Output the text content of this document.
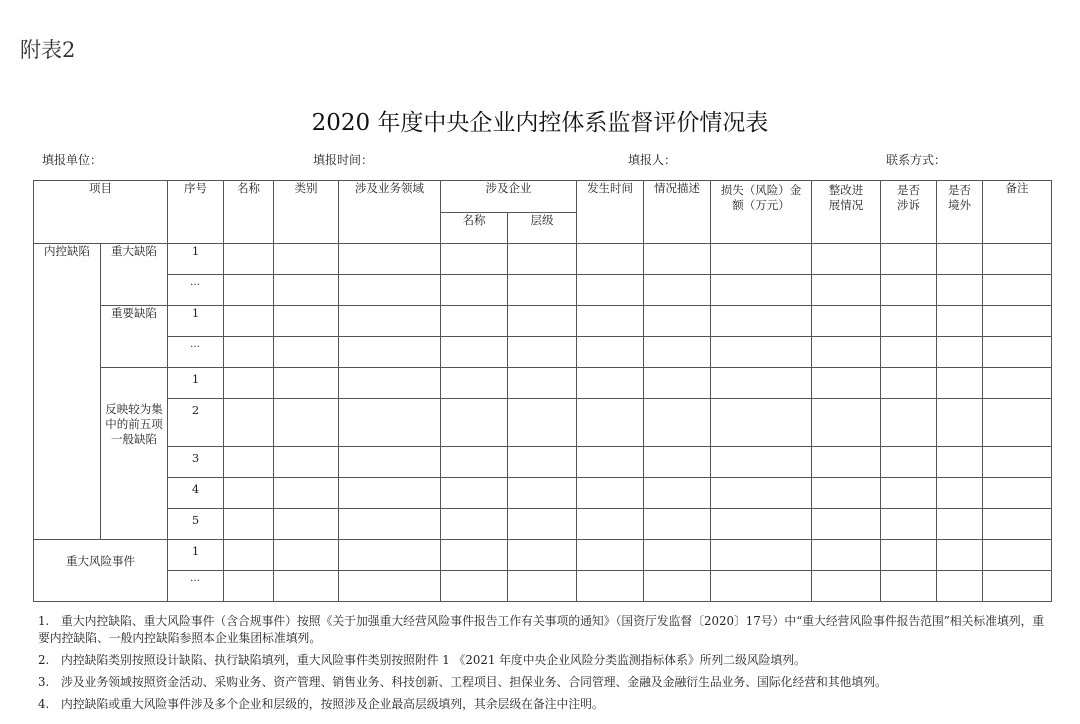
附表2
2020 年度中央企业内控体系监督评价情况表
填报单位：	填报时间：	填报人：	联系方式：
项目		序号	名称	类别	涉及业务领域	涉及企业		发生时间	情况描述	损失（风险）金额（万元）	整改进展情况	是否涉诉	是否境外	备注
						名称	层级							
内控缺陷	重大缺陷	1												
		…												
	重要缺陷	1												
		…												
	反映较为集中的前五项一般缺陷	1												
		2												
		3												
		4												
		5												
重大风险事件		1												
		…												

1.　重大内控缺陷、重大风险事件（含合规事件）按照《关于加强重大经营风险事件报告工作有关事项的通知》（国资厅发监督〔2020〕17号）中“重大经营风险事件报告范围”相关标准填列，重要内控缺陷、一般内控缺陷参照本企业集团标准填列。

2.　内控缺陷类别按照设计缺陷、执行缺陷填列，重大风险事件类别按照附件 1 《2021 年度中央企业风险分类监测指标体系》所列二级风险填列。

3.　涉及业务领域按照资金活动、采购业务、资产管理、销售业务、科技创新、工程项目、担保业务、合同管理、金融及金融衍生品业务、国际化经营和其他填列。

4.　内控缺陷或重大风险事件涉及多个企业和层级的，按照涉及企业最高层级填列，其余层级在备注中注明。
